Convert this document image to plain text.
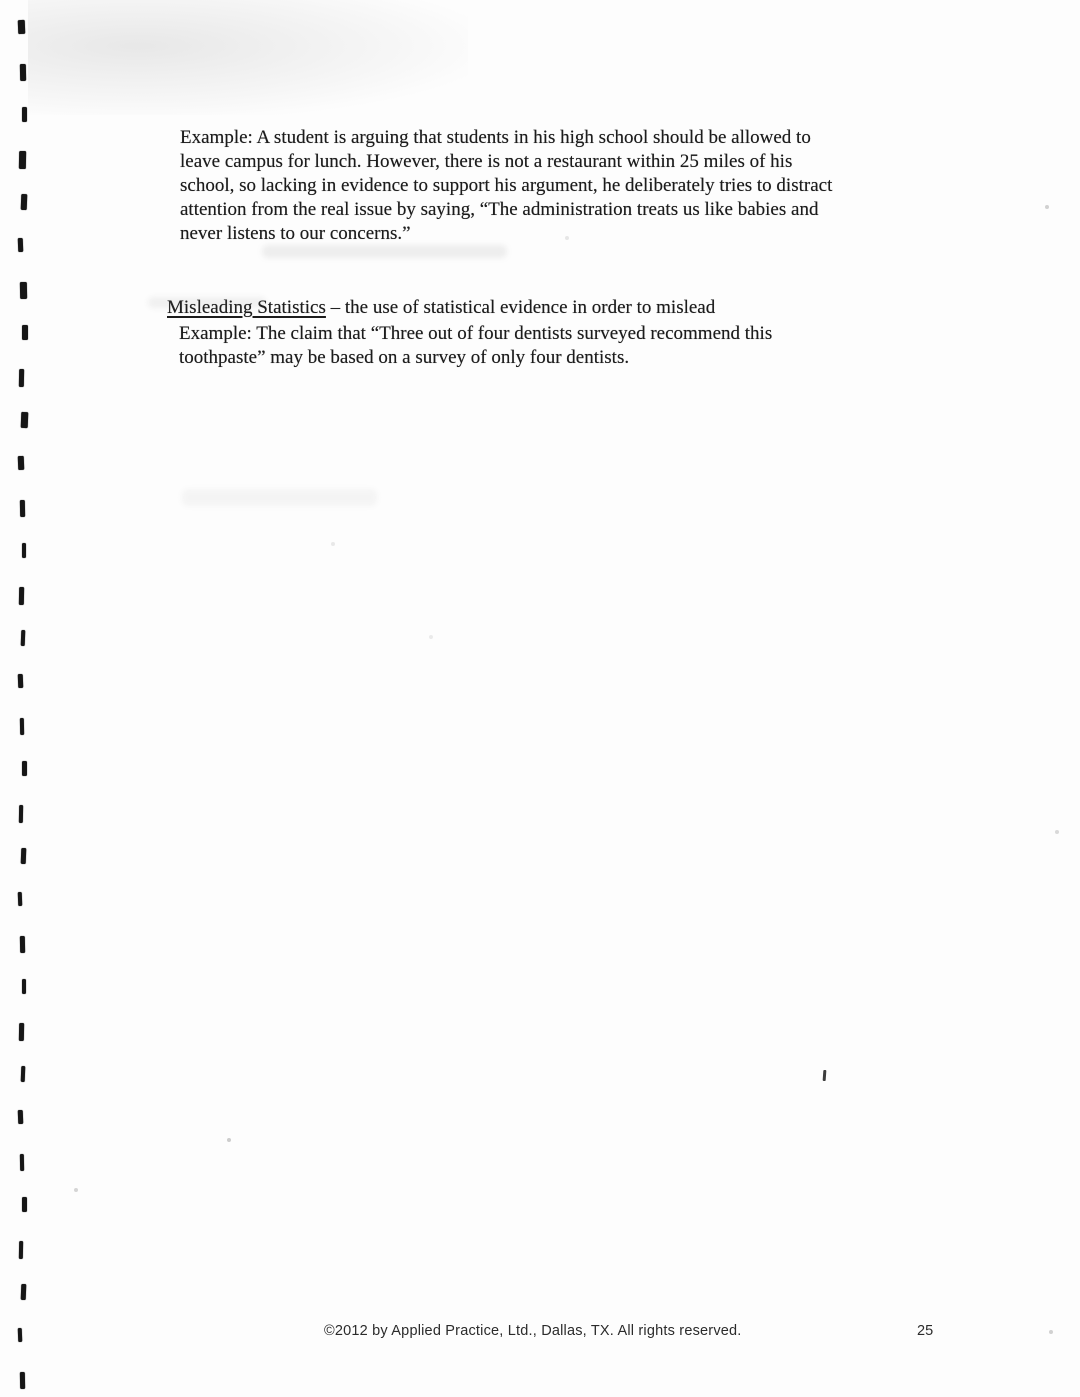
Example: A student is arguing that students in his high school should be allowed to
leave campus for lunch. However, there is not a restaurant within 25 miles of his
school, so lacking in evidence to support his argument, he deliberately tries to distract
attention from the real issue by saying, “The administration treats us like babies and
never listens to our concerns.”

Misleading Statistics – the use of statistical evidence in order to mislead

Example: The claim that “Three out of four dentists surveyed recommend this
toothpaste” may be based on a survey of only four dentists.
©2012 by Applied Practice, Ltd., Dallas, TX. All rights reserved.	25
